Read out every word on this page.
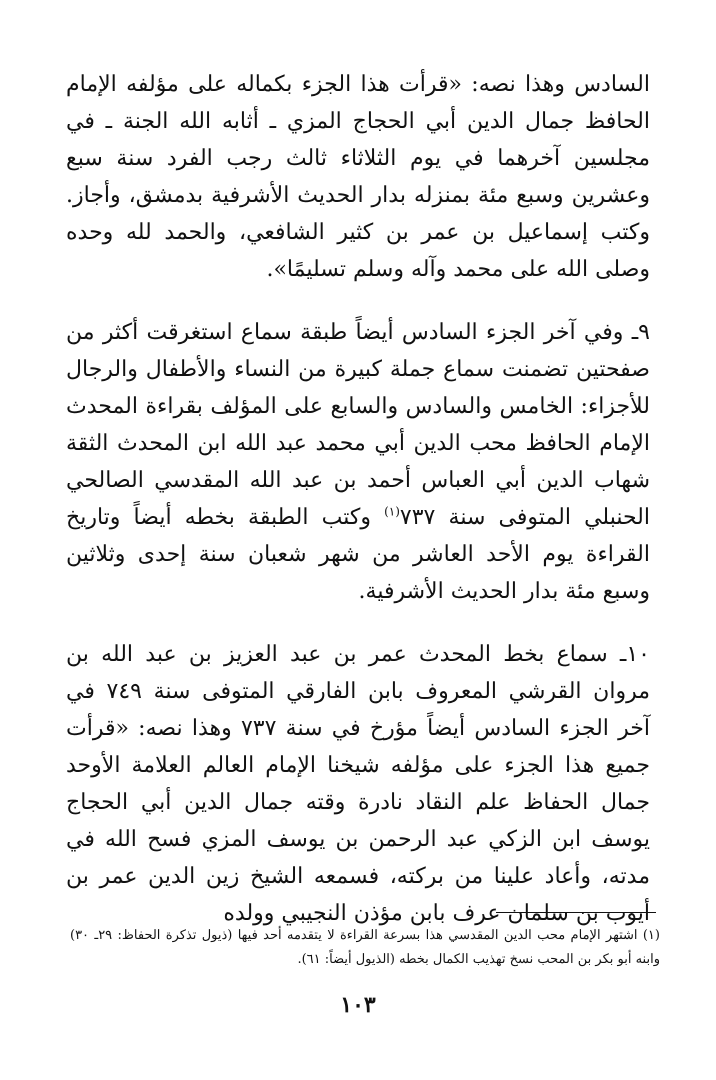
السادس وهذا نصه: «قرأت هذا الجزء بكماله على مؤلفه الإمام الحافظ جمال الدين أبي الحجاج المزي ـ أثابه الله الجنة ـ في مجلسين آخرهما في يوم الثلاثاء ثالث رجب الفرد سنة سبع وعشرين وسبع مئة بمنزله بدار الحديث الأشرفية بدمشق، وأجاز. وكتب إسماعيل بن عمر بن كثير الشافعي، والحمد لله وحده وصلى الله على محمد وآله وسلم تسليمًا».

٩ـ وفي آخر الجزء السادس أيضاً طبقة سماع استغرقت أكثر من صفحتين تضمنت سماع جملة كبيرة من النساء والأطفال والرجال للأجزاء: الخامس والسادس والسابع على المؤلف بقراءة المحدث الإمام الحافظ محب الدين أبي محمد عبد الله ابن المحدث الثقة شهاب الدين أبي العباس أحمد بن عبد الله المقدسي الصالحي الحنبلي المتوفى سنة ٧٣٧$^{(١)}$ وكتب الطبقة بخطه أيضاً وتاريخ القراءة يوم الأحد العاشر من شهر شعبان سنة إحدى وثلاثين وسبع مئة بدار الحديث الأشرفية.

١٠ـ سماع بخط المحدث عمر بن عبد العزيز بن عبد الله بن مروان القرشي المعروف بابن الفارقي المتوفى سنة ٧٤٩ في آخر الجزء السادس أيضاً مؤرخ في سنة ٧٣٧ وهذا نصه: «قرأت جميع هذا الجزء على مؤلفه شيخنا الإمام العالم العلامة الأوحد جمال الحفاظ علم النقاد نادرة وقته جمال الدين أبي الحجاج يوسف ابن الزكي عبد الرحمن بن يوسف المزي فسح الله في مدته، وأعاد علينا من بركته، فسمعه الشيخ زين الدين عمر بن أيوب بن سلمان عرف بابن مؤذن النجيبي وولده

(١) اشتهر الإمام محب الدين المقدسي هذا بسرعة القراءة لا يتقدمه أحد فيها (ذيول تذكرة الحفاظ: ٢٩ـ ٣٠) وابنه أبو بكر بن المحب نسخ تهذيب الكمال بخطه (الذيول أيضاً: ٦١).

١٠٣
